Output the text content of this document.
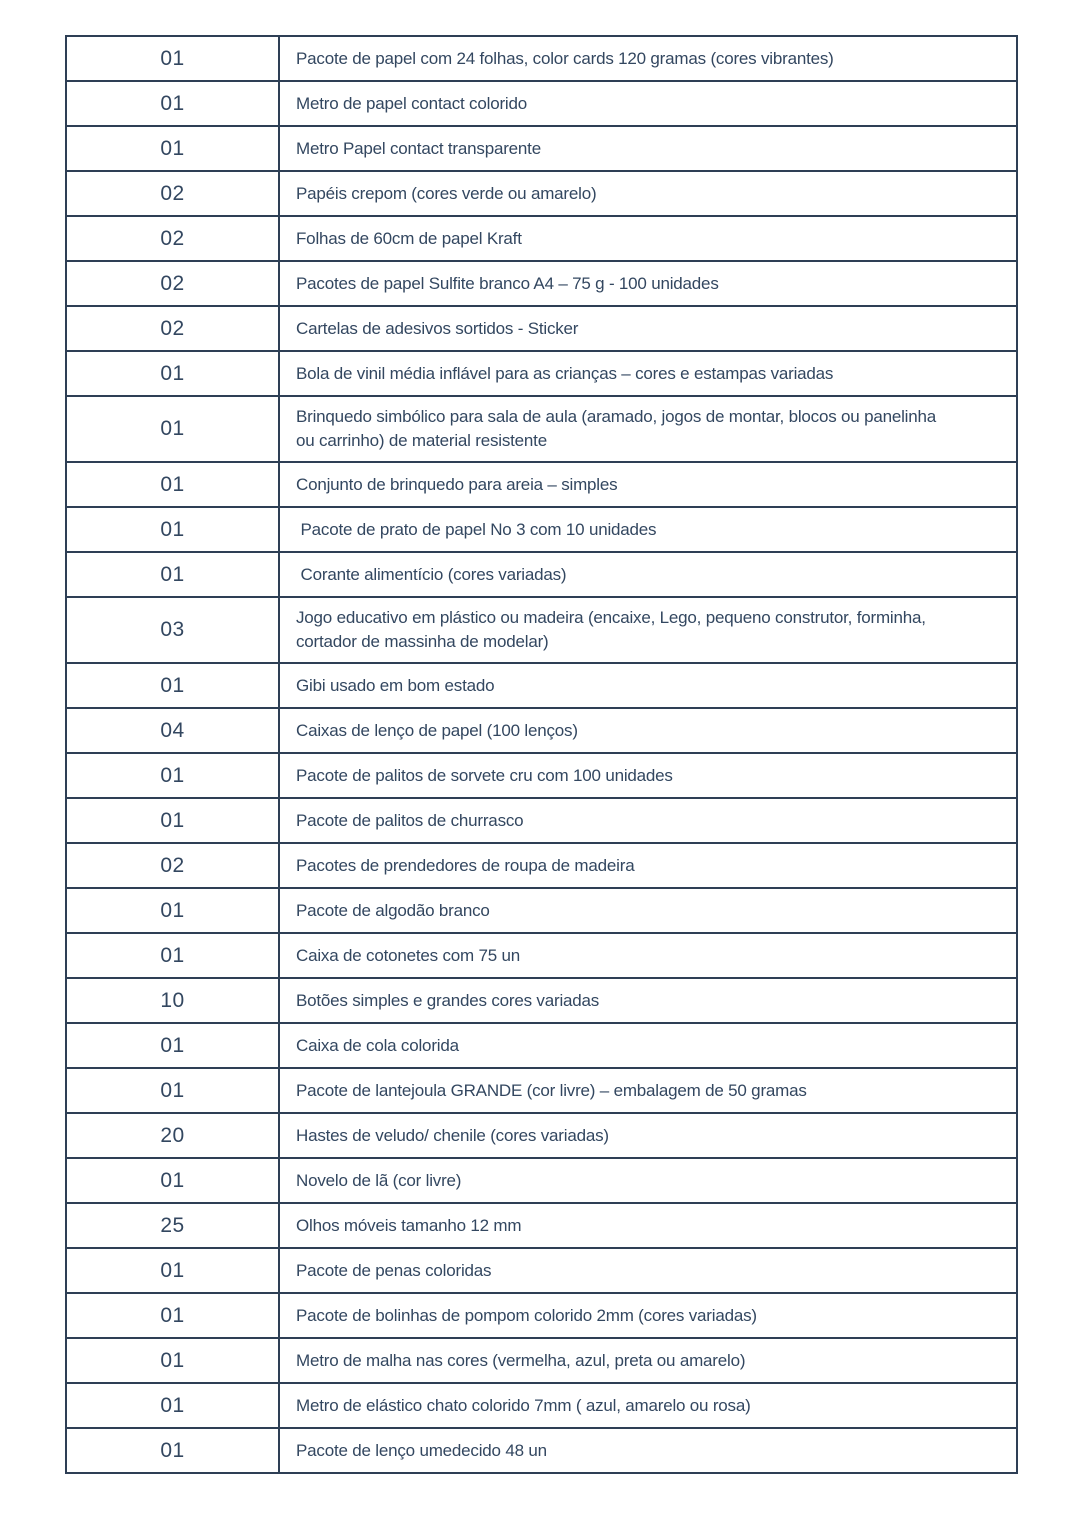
01	Pacote de papel com 24 folhas, color cards 120 gramas (cores vibrantes)

01	Metro de papel contact colorido

01	Metro Papel contact transparente

02	Papéis crepom (cores verde ou amarelo)

02	Folhas de 60cm de papel Kraft

02	Pacotes de papel Sulfite branco A4 – 75 g - 100 unidades

02	Cartelas de adesivos sortidos - Sticker

01	Bola de vinil média inflável para as crianças – cores e estampas variadas

01	Brinquedo simbólico para sala de aula (aramado, jogos de montar, blocos ou panelinha ou carrinho) de material resistente

01	Conjunto de brinquedo para areia – simples

01	Pacote de prato de papel No 3 com 10 unidades

01	Corante alimentício (cores variadas)

03	Jogo educativo em plástico ou madeira (encaixe, Lego, pequeno construtor, forminha, cortador de massinha de modelar)

01	Gibi usado em bom estado

04	Caixas de lenço de papel (100 lenços)

01	Pacote de palitos de sorvete cru com 100 unidades

01	Pacote de palitos de churrasco

02	Pacotes de prendedores de roupa de madeira

01	Pacote de algodão branco

01	Caixa de cotonetes com 75 un

10	Botões simples e grandes cores variadas

01	Caixa de cola colorida

01	Pacote de lantejoula GRANDE (cor livre) – embalagem de 50 gramas

20	Hastes de veludo/ chenile (cores variadas)

01	Novelo de lã (cor livre)

25	Olhos móveis tamanho 12 mm

01	Pacote de penas coloridas

01	Pacote de bolinhas de pompom colorido 2mm (cores variadas)

01	Metro de malha nas cores (vermelha, azul, preta ou amarelo)

01	Metro de elástico chato colorido 7mm ( azul, amarelo ou rosa)

01	Pacote de lenço umedecido 48 un
